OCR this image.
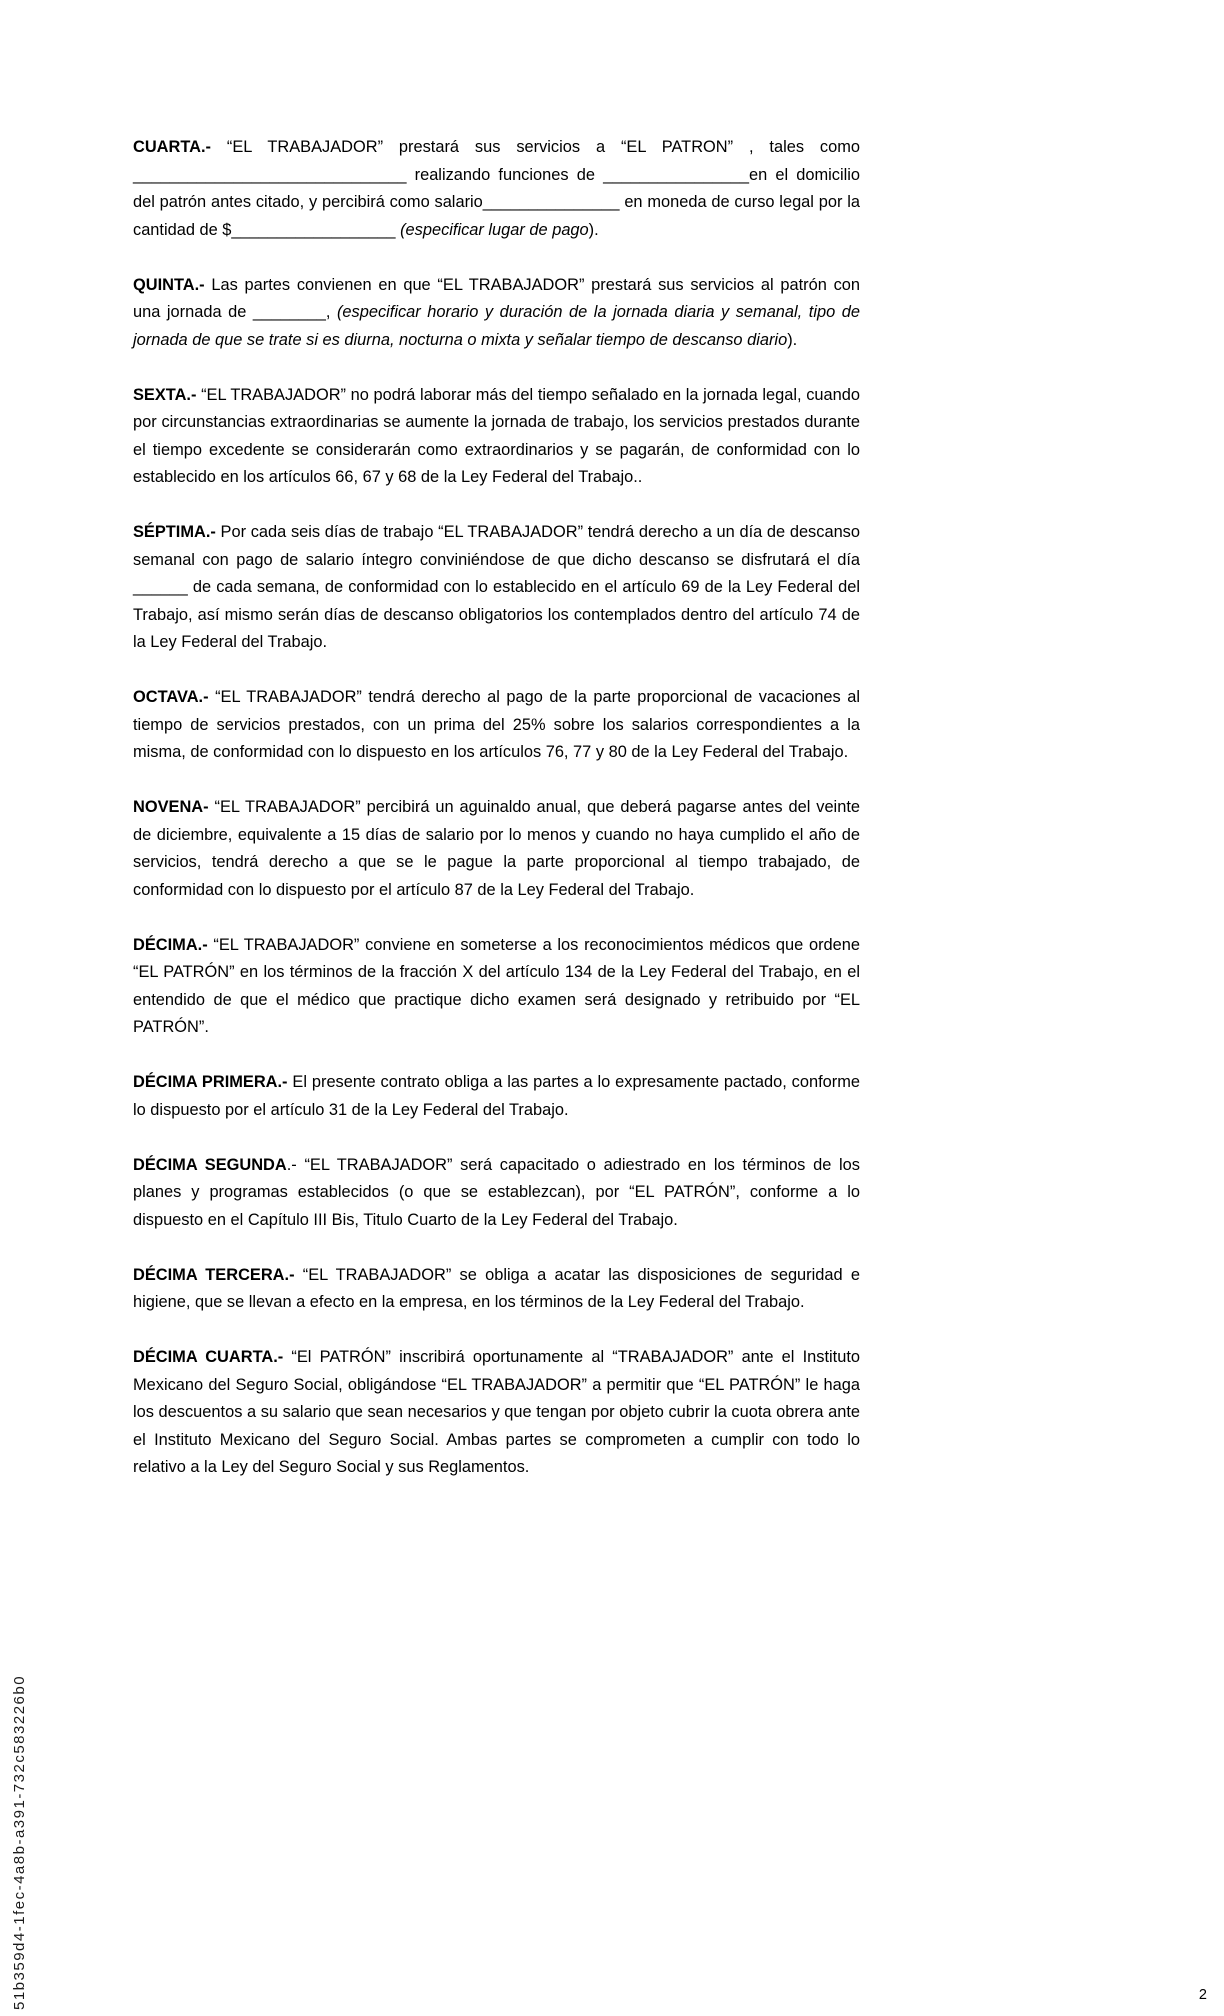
CUARTA.- “EL TRABAJADOR” prestará sus servicios a “EL PATRON” , tales como ______________________________ realizando funciones de ________________en el domicilio del patrón antes citado, y percibirá como salario_______________ en moneda de curso legal por la cantidad de $__________________ (especificar lugar de pago).

QUINTA.- Las partes convienen en que “EL TRABAJADOR” prestará sus servicios al patrón con una jornada de ________, (especificar horario y duración de la jornada diaria y semanal, tipo de jornada de que se trate si es diurna, nocturna o mixta y señalar tiempo de descanso diario).

SEXTA.- “EL TRABAJADOR” no podrá laborar más del tiempo señalado en la jornada legal, cuando por circunstancias extraordinarias se aumente la jornada de trabajo, los servicios prestados durante el tiempo excedente se considerarán como extraordinarios y se pagarán, de conformidad con lo establecido en los artículos 66, 67 y 68 de la Ley Federal del Trabajo..

SÉPTIMA.- Por cada seis días de trabajo “EL TRABAJADOR” tendrá derecho a un día de descanso semanal con pago de salario íntegro conviniéndose de que dicho descanso se disfrutará el día ______ de cada semana, de conformidad con lo establecido en el artículo 69 de la Ley Federal del Trabajo, así mismo serán días de descanso obligatorios los contemplados dentro del artículo 74 de la Ley Federal del Trabajo.

OCTAVA.- “EL TRABAJADOR” tendrá derecho al pago de la parte proporcional de vacaciones al tiempo de servicios prestados, con un prima del 25% sobre los salarios correspondientes a la misma, de conformidad con lo dispuesto en los artículos 76, 77 y 80 de la Ley Federal del Trabajo.

NOVENA- “EL TRABAJADOR” percibirá un aguinaldo anual, que deberá pagarse antes del veinte de diciembre, equivalente a 15 días de salario por lo menos y cuando no haya cumplido el año de servicios, tendrá derecho a que se le pague la parte proporcional al tiempo trabajado, de conformidad con lo dispuesto por el artículo 87 de la Ley Federal del Trabajo.

DÉCIMA.- “EL TRABAJADOR” conviene en someterse a los reconocimientos médicos que ordene “EL PATRÓN” en los términos de la fracción X del artículo 134 de la Ley Federal del Trabajo, en el entendido de que el médico que practique dicho examen será designado y retribuido por “EL PATRÓN”.

DÉCIMA PRIMERA.- El presente contrato obliga a las partes a lo expresamente pactado, conforme lo dispuesto por el artículo 31 de la Ley Federal del Trabajo.

DÉCIMA SEGUNDA.- “EL TRABAJADOR” será capacitado o adiestrado en los términos de los planes y programas establecidos (o que se establezcan), por “EL PATRÓN”, conforme a lo dispuesto en el Capítulo III Bis, Titulo Cuarto de la Ley Federal del Trabajo.

DÉCIMA TERCERA.- “EL TRABAJADOR” se obliga a acatar las disposiciones de seguridad e higiene, que se llevan a efecto en la empresa, en los términos de la Ley Federal del Trabajo.

DÉCIMA CUARTA.- “El PATRÓN” inscribirá oportunamente al “TRABAJADOR” ante el Instituto Mexicano del Seguro Social, obligándose “EL TRABAJADOR” a permitir que “EL PATRÓN” le haga los descuentos a su salario que sean necesarios y que tengan por objeto cubrir la cuota obrera ante el Instituto Mexicano del Seguro Social. Ambas partes se comprometen a cumplir con todo lo relativo a la Ley del Seguro Social y sus Reglamentos.

51b359d4-1fec-4a8b-a391-732c583226b0	2
